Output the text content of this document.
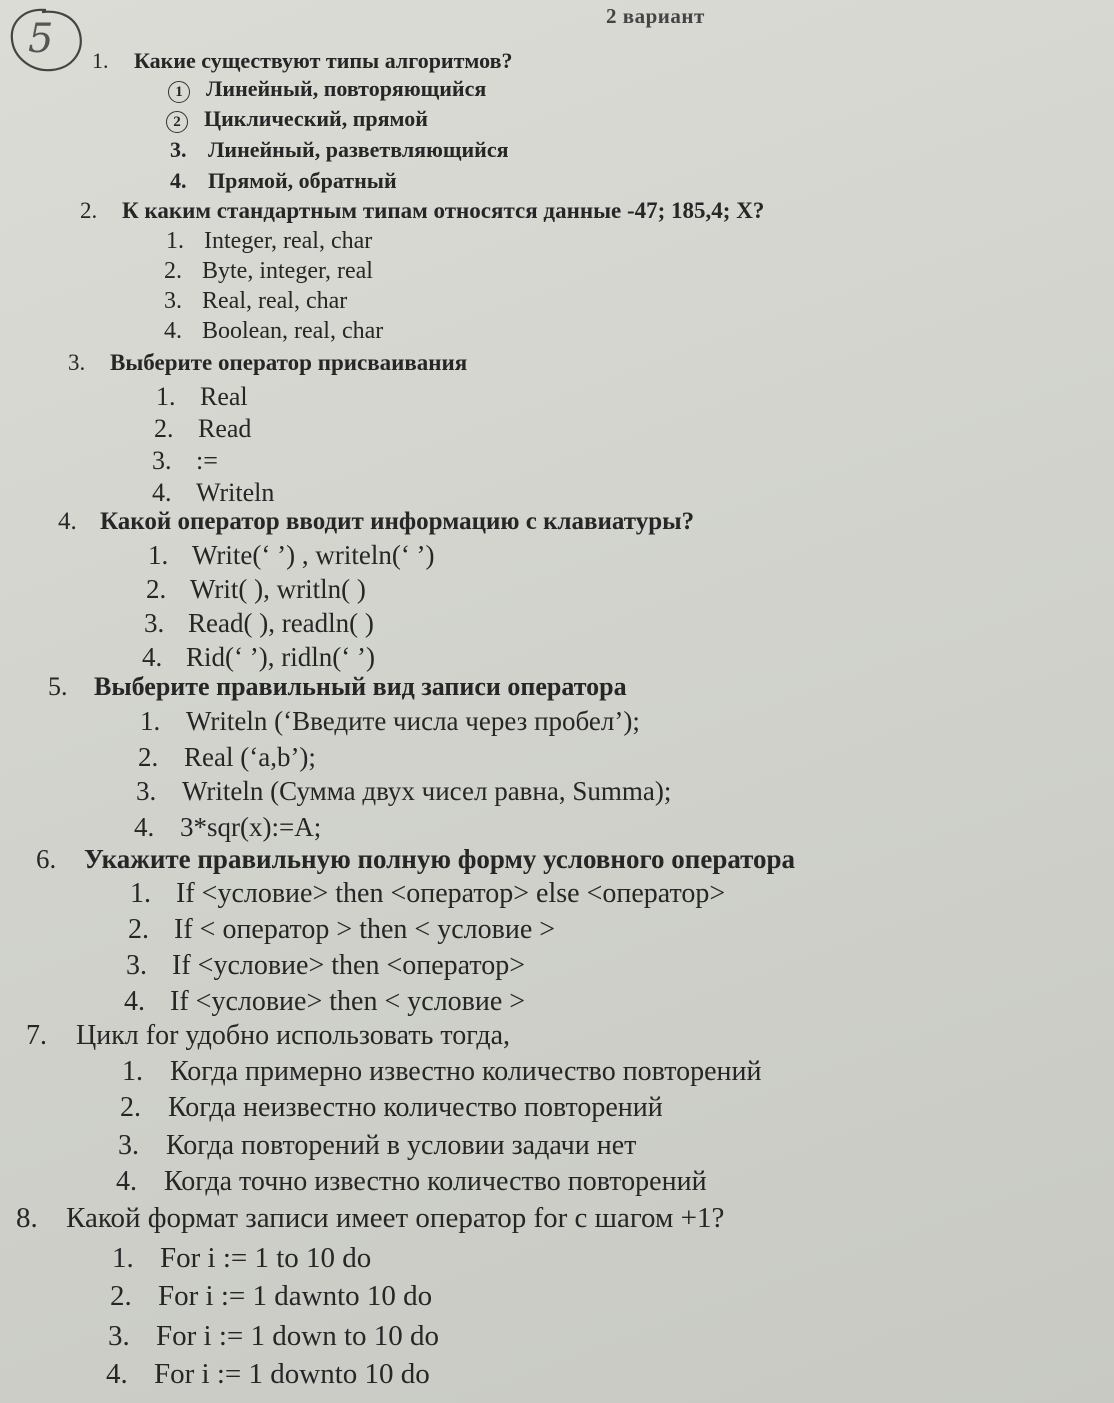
5	2 вариант
1. Какие существуют типы алгоритмов?
1 Линейный, повторяющийся
2 Циклический, прямой
3. Линейный, разветвляющийся
4. Прямой, обратный
2. К каким стандартным типам относятся данные -47; 185,4; X?
1. Integer, real, char
2. Byte, integer, real
3. Real, real, char
4. Boolean, real, char
3. Выберите оператор присваивания
1. Real
2. Read
3. :=
4. Writeln
4. Какой оператор вводит информацию с клавиатуры?
1. Write(‘ ’) , writeln(‘ ’)
2. Writ( ), writln( )
3. Read( ), readln( )
4. Rid(‘ ’), ridln(‘ ’)
5. Выберите правильный вид записи оператора
1. Writeln (‘Введите числа через пробел’);
2. Real (‘a,b’);
3. Writeln (Сумма двух чисел равна, Summa);
4. 3*sqr(x):=A;
6. Укажите правильную полную форму условного оператора
1. If <условие> then <оператор> else <оператор>
2. If < оператор > then < условие >
3. If <условие> then <оператор>
4. If <условие> then < условие >
7. Цикл for удобно использовать тогда,
1. Когда примерно известно количество повторений
2. Когда неизвестно количество повторений
3. Когда повторений в условии задачи нет
4. Когда точно известно количество повторений
8. Какой формат записи имеет оператор for с шагом +1?
1. For i := 1 to 10 do
2. For i := 1 dawnto 10 do
3. For i := 1 down to 10 do
4. For i := 1 downto 10 do
